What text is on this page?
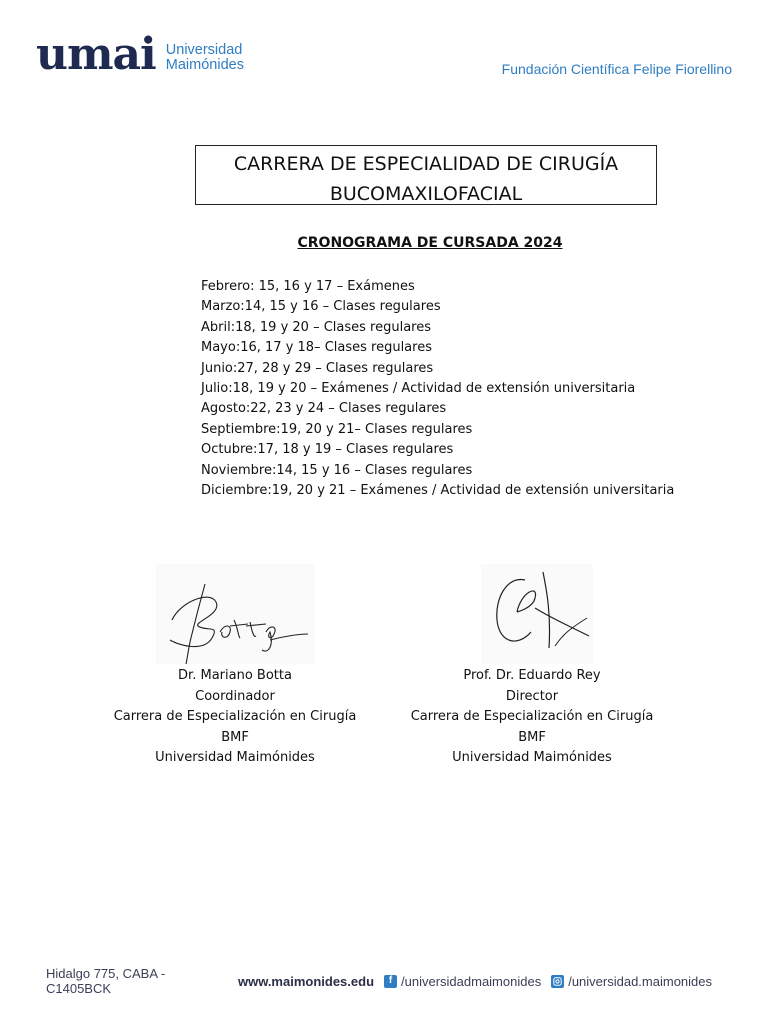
umai Universidad
Maimónides	Fundación Científica Felipe Fiorellino
CARRERA DE ESPECIALIDAD DE CIRUGÍA
BUCOMAXILOFACIAL
CRONOGRAMA DE CURSADA 2024
Febrero: 15, 16 y 17 – Exámenes
Marzo:14, 15 y 16 – Clases regulares
Abril:18, 19 y 20 – Clases regulares
Mayo:16, 17 y 18– Clases regulares
Junio:27, 28 y 29 – Clases regulares
Julio:18, 19 y 20 – Exámenes / Actividad de extensión universitaria
Agosto:22, 23 y 24 – Clases regulares
Septiembre:19, 20 y 21– Clases regulares
Octubre:17, 18 y 19 – Clases regulares
Noviembre:14, 15 y 16 – Clases regulares
Diciembre:19, 20 y 21 – Exámenes / Actividad de extensión universitaria
Dr. Mariano Botta
Coordinador
Carrera de Especialización en Cirugía
BMF
Universidad Maimónides
Prof. Dr. Eduardo Rey
Director
Carrera de Especialización en Cirugía
BMF
Universidad Maimónides
Hidalgo 775, CABA - C1405BCK	www.maimonides.edu	f /universidadmaimonides /universidad.maimonides
